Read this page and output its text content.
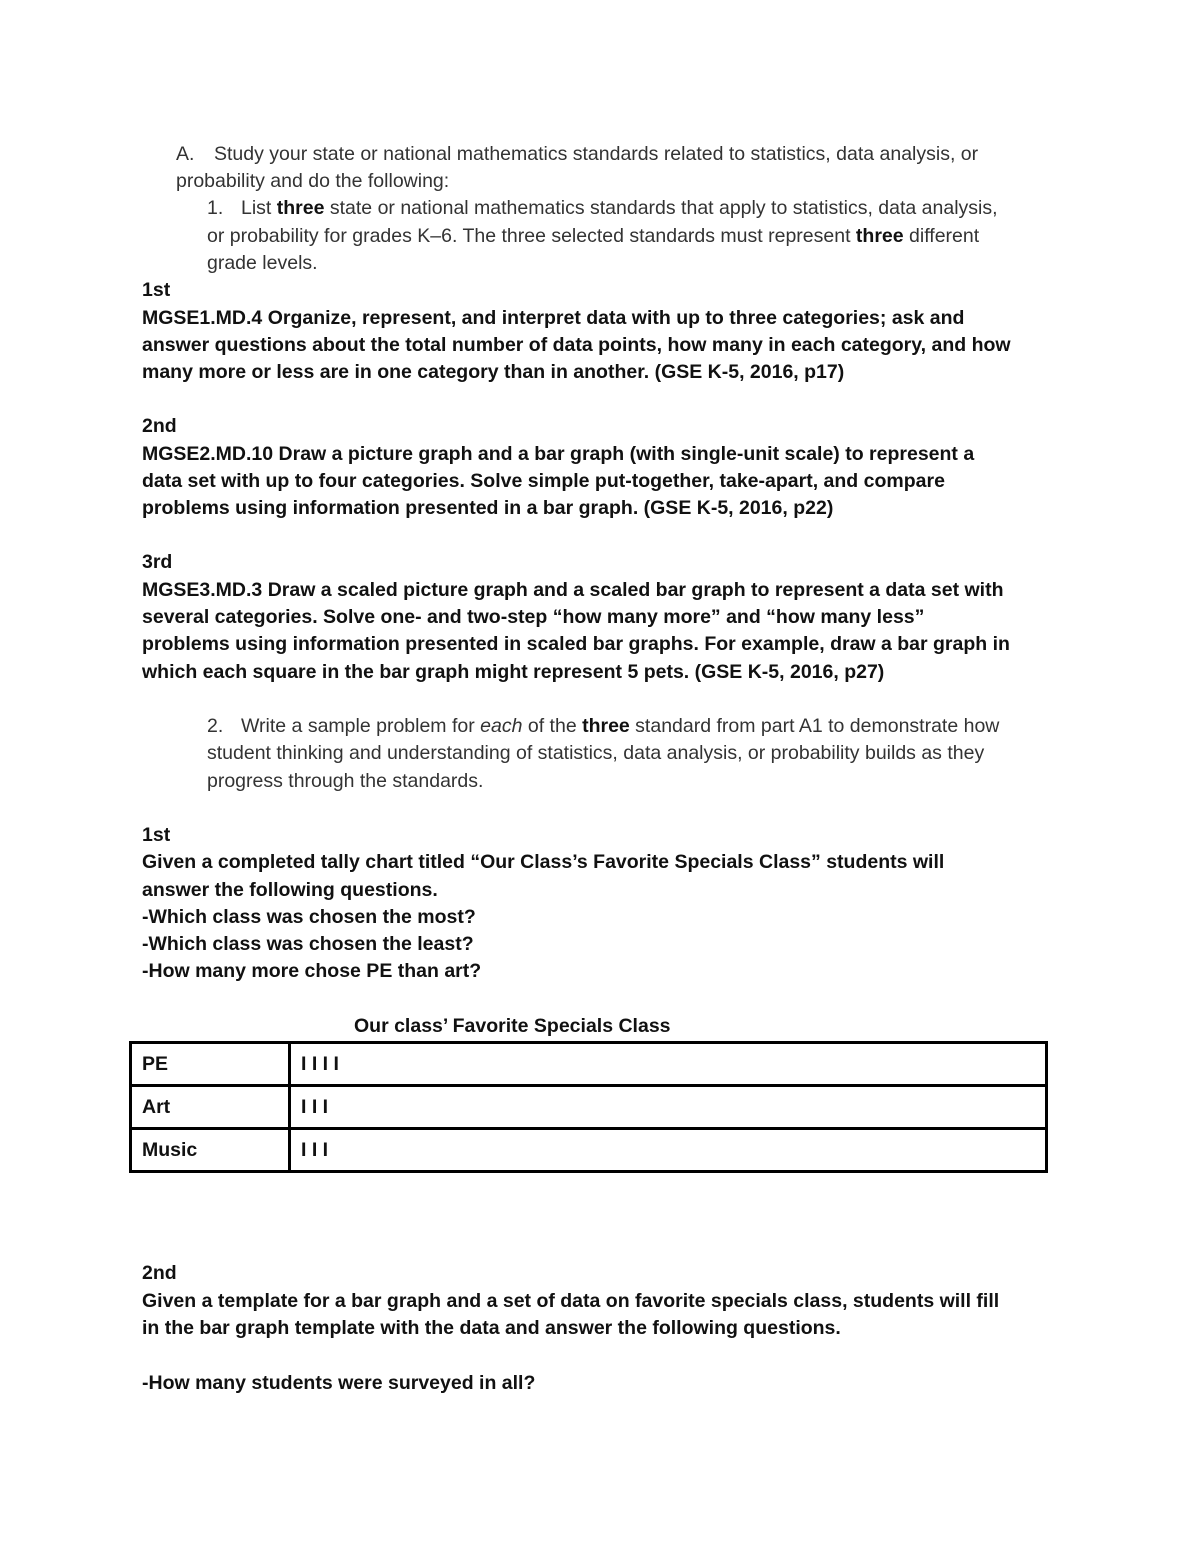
A. Study your state or national mathematics standards related to statistics, data analysis, or
probability and do the following:
1. List three state or national mathematics standards that apply to statistics, data analysis,
or probability for grades K–6. The three selected standards must represent three different
grade levels.
1st
MGSE1.MD.4 Organize, represent, and interpret data with up to three categories; ask and
answer questions about the total number of data points, how many in each category, and how
many more or less are in one category than in another. (GSE K-5, 2016, p17)
2nd
MGSE2.MD.10 Draw a picture graph and a bar graph (with single-unit scale) to represent a
data set with up to four categories. Solve simple put-together, take-apart, and compare
problems using information presented in a bar graph. (GSE K-5, 2016, p22)
3rd
MGSE3.MD.3 Draw a scaled picture graph and a scaled bar graph to represent a data set with
several categories. Solve one- and two-step “how many more” and “how many less”
problems using information presented in scaled bar graphs. For example, draw a bar graph in
which each square in the bar graph might represent 5 pets. (GSE K-5, 2016, p27)
2. Write a sample problem for each of the three standard from part A1 to demonstrate how
student thinking and understanding of statistics, data analysis, or probability builds as they
progress through the standards.
1st
Given a completed tally chart titled “Our Class’s Favorite Specials Class” students will
answer the following questions.
-Which class was chosen the most?
-Which class was chosen the least?
-How many more chose PE than art?
Our class’ Favorite Specials Class
PE	I I I I
Art	I I I
Music	I I I
2nd
Given a template for a bar graph and a set of data on favorite specials class, students will fill
in the bar graph template with the data and answer the following questions.
-How many students were surveyed in all?
